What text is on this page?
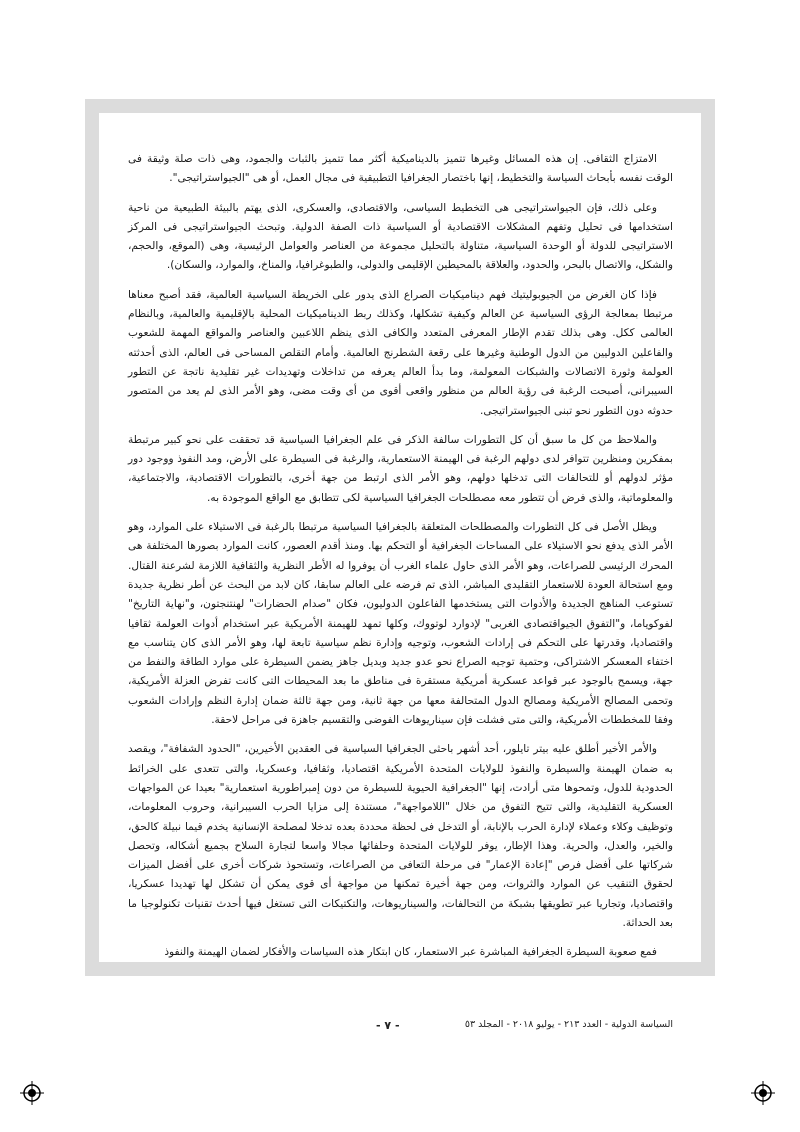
الامتزاج الثقافى. إن هذه المسائل وغيرها تتميز بالديناميكية أكثر مما تتميز بالثبات والجمود، وهى ذات صلة وثيقة فى الوقت نفسه بأبحاث السياسة والتخطيط، إنها باختصار الجغرافيا التطبيقية فى مجال العمل، أو هى "الجيواستراتيجى".

وعلى ذلك، فإن الجيواستراتيجى هى التخطيط السياسى، والاقتصادى، والعسكرى، الذى يهتم بالبيئة الطبيعية من ناحية استخدامها فى تحليل وتفهم المشكلات الاقتصادية أو السياسية ذات الصفة الدولية. وتبحث الجيواستراتيجى فى المركز الاستراتيجى للدولة أو الوحدة السياسية، متناولة بالتحليل مجموعة من العناصر والعوامل الرئيسية، وهى (الموقع، والحجم، والشكل، والاتصال بالبحر، والحدود، والعلاقة بالمحيطين الإقليمى والدولى، والطبوغرافيا، والمناخ، والموارد، والسكان).

فإذا كان الغرض من الجيوبوليتيك فهم ديناميكيات الصراع الذى يدور على الخريطة السياسية العالمية، فقد أصبح معناها مرتبطا بمعالجة الرؤى السياسية عن العالم وكيفية تشكلها، وكذلك ربط الديناميكيات المحلية بالإقليمية والعالمية، وبالنظام العالمى ككل. وهى بذلك تقدم الإطار المعرفى المتعدد والكافى الذى ينظم اللاعبين والعناصر والمواقع المهمة للشعوب والفاعلين الدوليين من الدول الوطنية وغيرها على رقعة الشطرنج العالمية. وأمام التقلص المساحى فى العالم، الذى أحدثته العولمة وثورة الاتصالات والشبكات المعولمة، وما بدأ العالم يعرفه من تداخلات وتهديدات غير تقليدية ناتجة عن التطور السيبرانى، أصبحت الرغبة فى رؤية العالم من منظور واقعى أقوى من أى وقت مضى، وهو الأمر الذى لم يعد من المتصور حدوثه دون التطور نحو تبنى الجيواستراتيجى.

والملاحظ من كل ما سبق أن كل التطورات سالفة الذكر فى علم الجغرافيا السياسية قد تحققت على نحو كبير مرتبطة بمفكرين ومنظرين تتوافر لدى دولهم الرغبة فى الهيمنة الاستعمارية، والرغبة فى السيطرة على الأرض، ومد النفوذ ووجود دور مؤثر لدولهم أو للتحالفات التى تدخلها دولهم، وهو الأمر الذى ارتبط من جهة أخرى، بالتطورات الاقتصادية، والاجتماعية، والمعلوماتية، والذى فرض أن تتطور معه مصطلحات الجغرافيا السياسية لكى تتطابق مع الواقع الموجودة به.

ويظل الأصل فى كل التطورات والمصطلحات المتعلقة بالجغرافيا السياسية مرتبطا بالرغبة فى الاستيلاء على الموارد، وهو الأمر الذى يدفع نحو الاستيلاء على المساحات الجغرافية أو التحكم بها. ومنذ أقدم العصور، كانت الموارد بصورها المختلفة هى المحرك الرئيسى للصراعات، وهو الأمر الذى حاول علماء الغرب أن يوفروا له الأطر النظرية والثقافية اللازمة لشرعنة القتال. ومع استحالة العودة للاستعمار التقليدى المباشر، الذى تم فرضه على العالم سابقا، كان لابد من البحث عن أطر نظرية جديدة تستوعب المناهج الجديدة والأدوات التى يستخدمها الفاعلون الدوليون، فكان "صدام الحضارات" لهنتنجتون، و"نهاية التاريخ" لفوكوياما، و"التفوق الجيواقتصادى الغربى" لإدوارد لوتووك، وكلها تمهد للهيمنة الأمريكية عبر استخدام أدوات العولمة ثقافيا واقتصاديا، وقدرتها على التحكم فى إرادات الشعوب، وتوجيه وإدارة نظم سياسية تابعة لها، وهو الأمر الذى كان يتناسب مع اختفاء المعسكر الاشتراكى، وحتمية توجيه الصراع نحو عدو جديد وبديل جاهز يضمن السيطرة على موارد الطاقة والنفط من جهة، ويسمح بالوجود عبر قواعد عسكرية أمريكية مستقرة فى مناطق ما بعد المحيطات التى كانت تفرض العزلة الأمريكية، وتحمى المصالح الأمريكية ومصالح الدول المتحالفة معها من جهة ثانية، ومن جهة ثالثة ضمان إدارة النظم وإرادات الشعوب وفقا للمخططات الأمريكية، والتى متى فشلت فإن سيناريوهات الفوضى والتقسيم جاهزة فى مراحل لاحقة.

والأمر الأخير أطلق عليه بيتر تايلور، أحد أشهر باحثى الجغرافيا السياسية فى العقدين الأخيرين، "الحدود الشفافة"، ويقصد به ضمان الهيمنة والسيطرة والنفوذ للولايات المتحدة الأمريكية اقتصاديا، وثقافيا، وعسكريا، والتى تتعدى على الخرائط الحدودية للدول، وتمحوها متى أرادت، إنها "الجغرافية الحيوية للسيطرة من دون إمبراطورية استعمارية" بعيدا عن المواجهات العسكرية التقليدية، والتى تتيح التفوق من خلال "اللامواجهة"، مستندة إلى مزايا الحرب السيبرانية، وحروب المعلومات، وتوظيف وكلاء وعملاء لإدارة الحرب بالإنابة، أو التدخل فى لحظة محددة بعده تدخلا لمصلحة الإنسانية يخدم قيما نبيلة كالحق، والخير، والعدل، والحرية. وهذا الإطار، يوفر للولايات المتحدة وحلفائها مجالا واسعا لتجارة السلاح بجميع أشكاله، وتحصل شركاتها على أفضل فرص "إعادة الإعمار" فى مرحلة التعافى من الصراعات، وتستحوذ شركات أخرى على أفضل الميزات لحقوق التنقيب عن الموارد والثروات، ومن جهة أخيرة تمكنها من مواجهة أى قوى يمكن أن تشكل لها تهديدا عسكريا، واقتصاديا، وتجاريا عبر تطويقها بشبكة من التحالفات، والسيناريوهات، والتكتيكات التى تستغل فيها أحدث تقنيات تكنولوجيا ما بعد الحداثة.

فمع صعوبة السيطرة الجغرافية المباشرة عبر الاستعمار، كان ابتكار هذه السياسات والأفكار لضمان الهيمنة والنفوذ

السياسة الدولية - العدد ٢١٣ - يوليو ٢٠١٨ - المجلد ٥٣
- ٧ -
